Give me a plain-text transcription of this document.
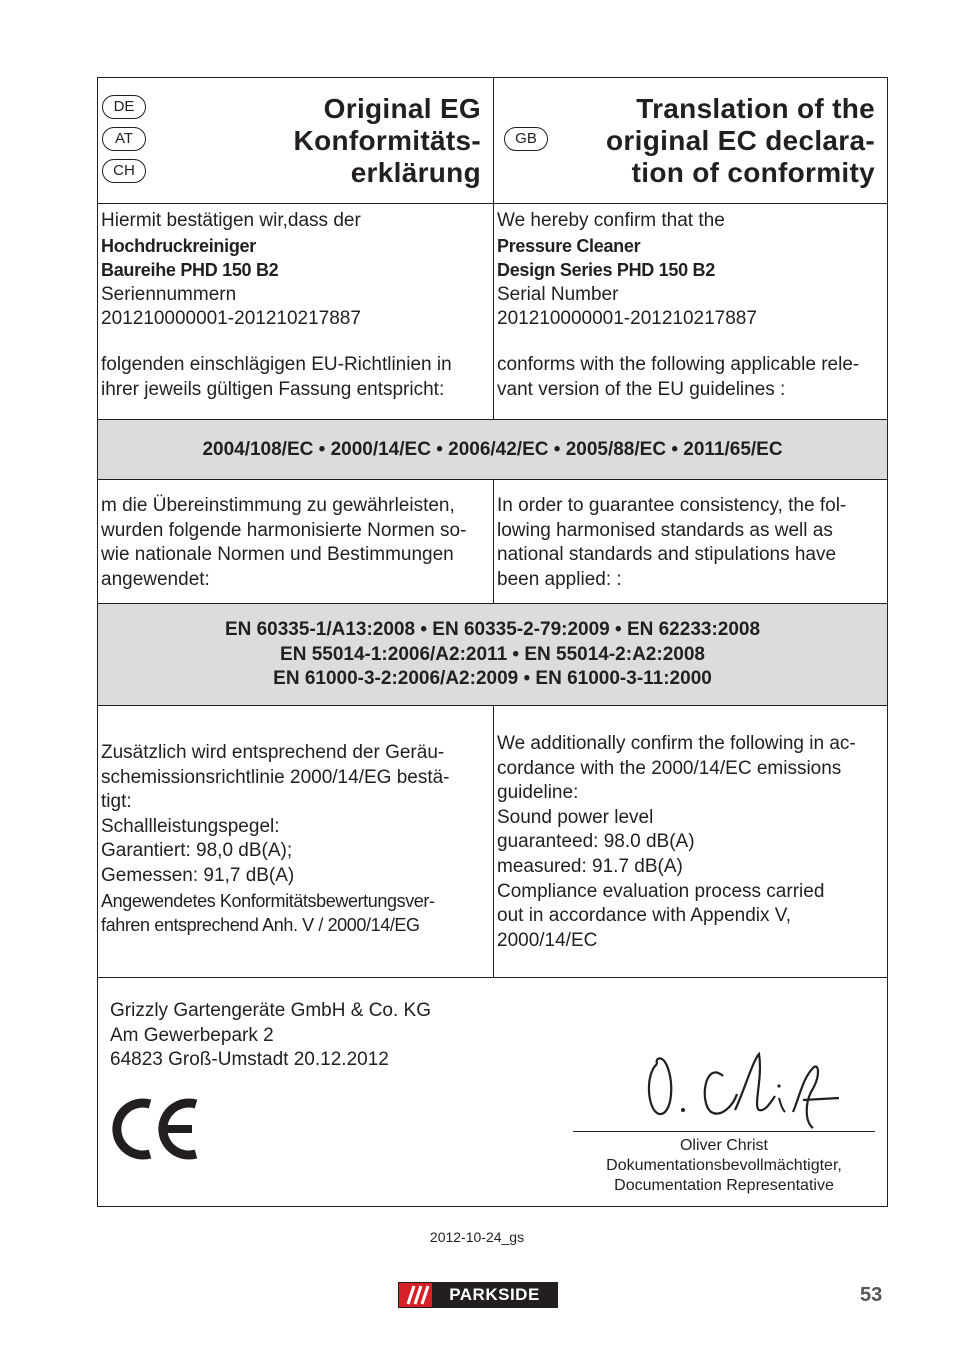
DE
AT
CH
Original EG
Konformitäts-
erklärung
GB
Translation of the
original EC declara-
tion of conformity
Hiermit bestätigen wir,dass der
Hochdruckreiniger
Baureihe PHD 150 B2
Seriennummern
201210000001-201210217887
folgenden einschlägigen EU-Richtlinien in
ihrer jeweils gültigen Fassung entspricht:
We hereby confirm that the
Pressure Cleaner
Design Series PHD 150 B2
Serial Number
201210000001-201210217887
conforms with the following applicable rele-
vant version of the EU guidelines :
2004/108/EC • 2000/14/EC • 2006/42/EC • 2005/88/EC • 2011/65/EC
m die Übereinstimmung zu gewährleisten,
wurden folgende harmonisierte Normen so-
wie nationale Normen und Bestimmungen
angewendet:
In order to guarantee consistency, the fol-
lowing harmonised standards as well as
national standards and stipulations have
been applied: :
EN 60335-1/A13:2008 • EN 60335-2-79:2009 • EN 62233:2008
EN 55014-1:2006/A2:2011 • EN 55014-2:A2:2008
EN 61000-3-2:2006/A2:2009 • EN 61000-3-11:2000
Zusätzlich wird entsprechend der Geräu-
schemissionsrichtlinie 2000/14/EG bestä-
tigt:
Schallleistungspegel:
Garantiert: 98,0 dB(A);
Gemessen: 91,7 dB(A)
Angewendetes Konformitätsbewertungsver-
fahren entsprechend Anh. V / 2000/14/EG
We additionally confirm the following in ac-
cordance with the 2000/14/EC emissions
guideline:
Sound power level
guaranteed: 98.0 dB(A)
measured: 91.7 dB(A)
Compliance evaluation process carried
out in accordance with Appendix V,
2000/14/EC
Grizzly Gartengeräte GmbH & Co. KG
Am Gewerbepark 2
64823 Groß-Umstadt 20.12.2012
Oliver Christ
Dokumentationsbevollmächtigter,
Documentation Representative
2012-10-24_gs
PARKSIDE	53
